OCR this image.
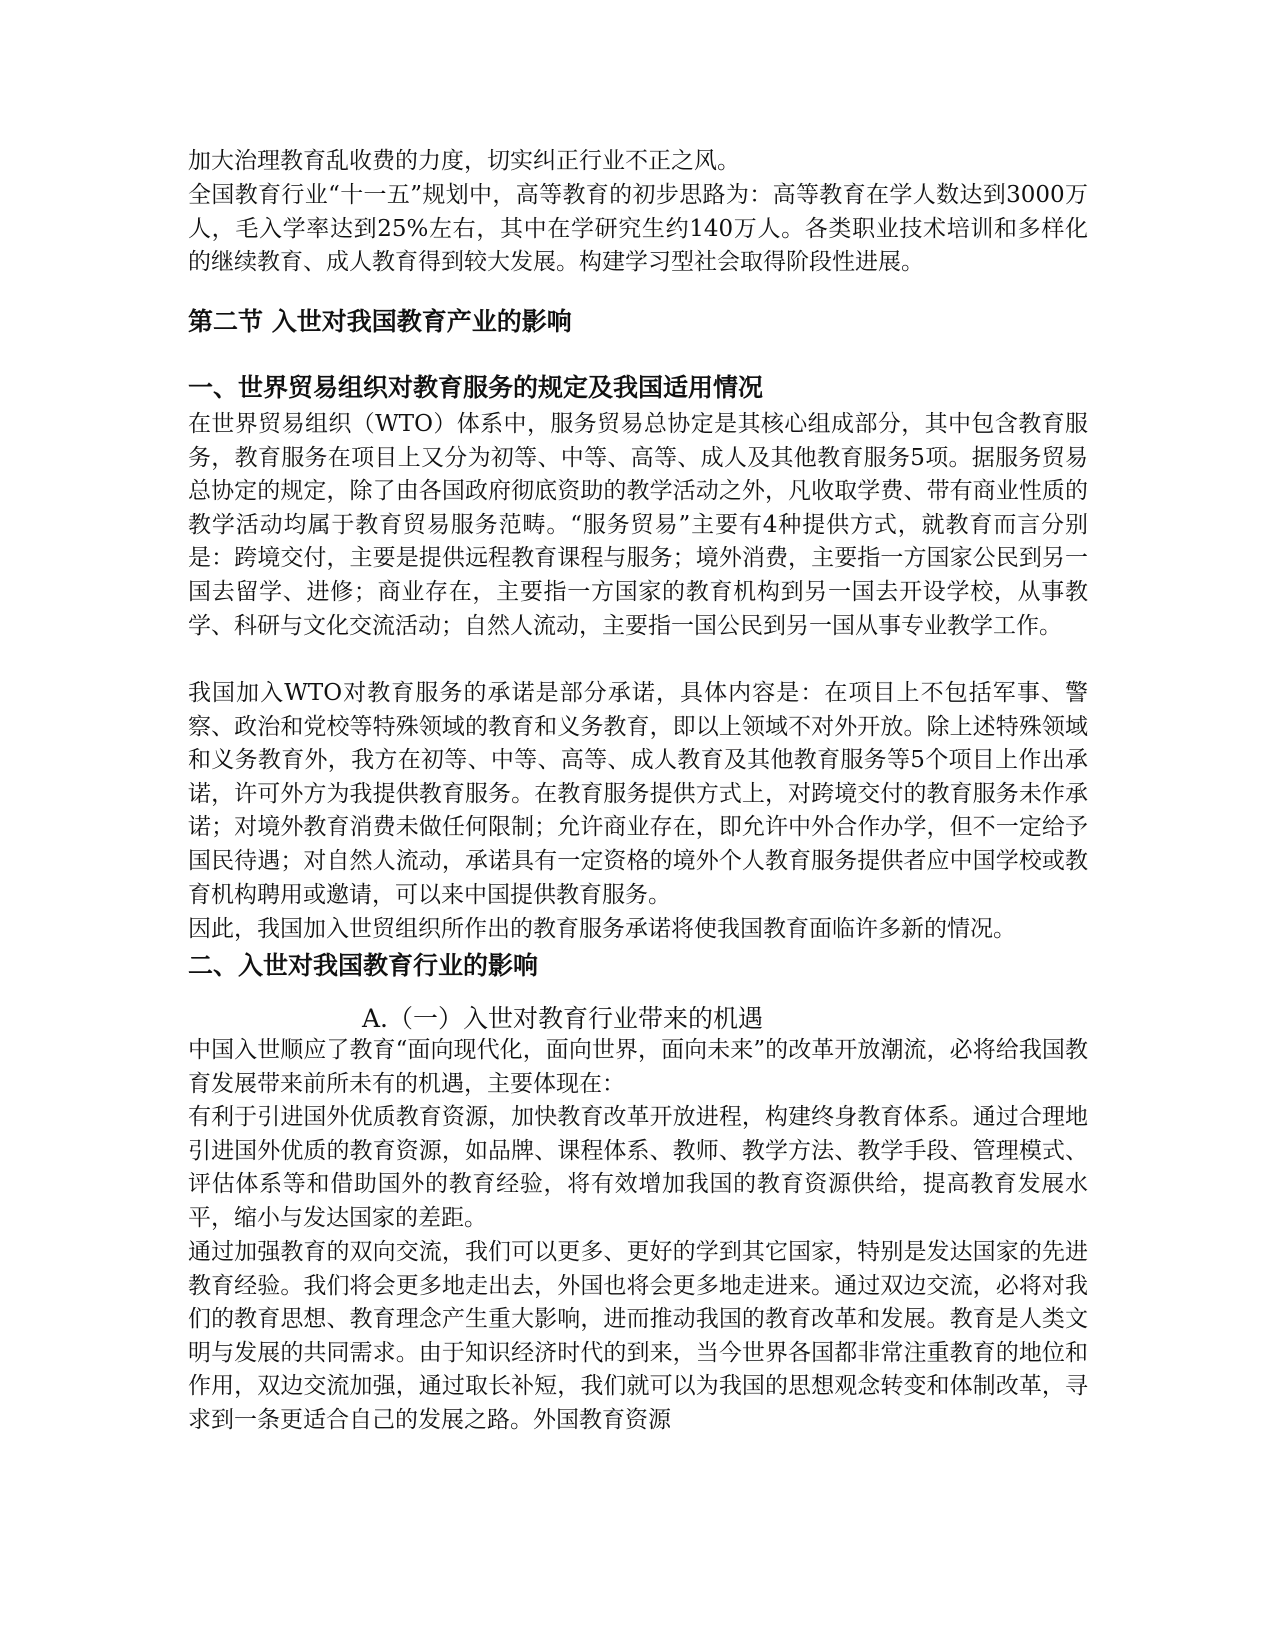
加大治理教育乱收费的力度，切实纠正行业不正之风。

全国教育行业“十一五”规划中，高等教育的初步思路为：高等教育在学人数达到3000万人，毛入学率达到25%左右，其中在学研究生约140万人。各类职业技术培训和多样化的继续教育、成人教育得到较大发展。构建学习型社会取得阶段性进展。

第二节 入世对我国教育产业的影响
一、世界贸易组织对教育服务的规定及我国适用情况

在世界贸易组织（WTO）体系中，服务贸易总协定是其核心组成部分，其中包含教育服务，教育服务在项目上又分为初等、中等、高等、成人及其他教育服务5项。据服务贸易总协定的规定，除了由各国政府彻底资助的教学活动之外，凡收取学费、带有商业性质的教学活动均属于教育贸易服务范畴。“服务贸易”主要有4种提供方式，就教育而言分别是：跨境交付，主要是提供远程教育课程与服务；境外消费，主要指一方国家公民到另一国去留学、进修；商业存在，主要指一方国家的教育机构到另一国去开设学校，从事教学、科研与文化交流活动；自然人流动，主要指一国公民到另一国从事专业教学工作。

我国加入WTO对教育服务的承诺是部分承诺，具体内容是：在项目上不包括军事、警察、政治和党校等特殊领域的教育和义务教育，即以上领域不对外开放。除上述特殊领域和义务教育外，我方在初等、中等、高等、成人教育及其他教育服务等5个项目上作出承诺，许可外方为我提供教育服务。在教育服务提供方式上，对跨境交付的教育服务未作承诺；对境外教育消费未做任何限制；允许商业存在，即允许中外合作办学，但不一定给予国民待遇；对自然人流动，承诺具有一定资格的境外个人教育服务提供者应中国学校或教育机构聘用或邀请，可以来中国提供教育服务。

因此，我国加入世贸组织所作出的教育服务承诺将使我国教育面临许多新的情况。

二、入世对我国教育行业的影响
A.（一）入世对教育行业带来的机遇

中国入世顺应了教育“面向现代化，面向世界，面向未来”的改革开放潮流，必将给我国教育发展带来前所未有的机遇，主要体现在：

有利于引进国外优质教育资源，加快教育改革开放进程，构建终身教育体系。通过合理地引进国外优质的教育资源，如品牌、课程体系、教师、教学方法、教学手段、管理模式、评估体系等和借助国外的教育经验，将有效增加我国的教育资源供给，提高教育发展水平，缩小与发达国家的差距。

通过加强教育的双向交流，我们可以更多、更好的学到其它国家，特别是发达国家的先进教育经验。我们将会更多地走出去，外国也将会更多地走进来。通过双边交流，必将对我们的教育思想、教育理念产生重大影响，进而推动我国的教育改革和发展。教育是人类文明与发展的共同需求。由于知识经济时代的到来，当今世界各国都非常注重教育的地位和作用，双边交流加强，通过取长补短，我们就可以为我国的思想观念转变和体制改革，寻求到一条更适合自己的发展之路。外国教育资源
